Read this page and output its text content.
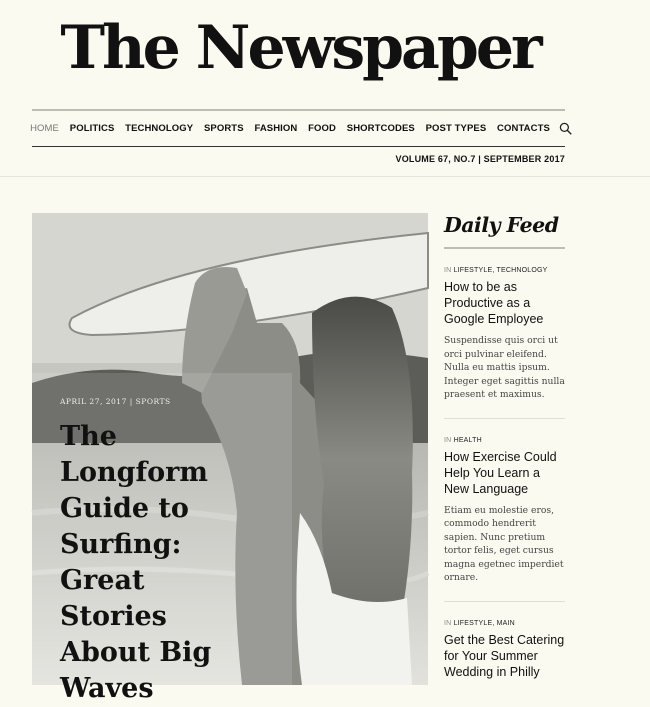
The Newspaper
HOME	POLITICS	TECHNOLOGY	SPORTS	FASHION	FOOD	SHORTCODES	POST TYPES	CONTACTS
VOLUME 67, NO.7 | SEPTEMBER 2017
APRIL 27, 2017 | SPORTS
The Longform Guide to Surfing: Great Stories About Big Waves
Daily Feed
IN LIFESTYLE, TECHNOLOGY
How to be as Productive as a Google Employee

Suspendisse quis orci ut orci pulvinar eleifend. Nulla eu mattis ipsum. Integer eget sagittis nulla praesent et maximus.

IN HEALTH
How Exercise Could Help You Learn a New Language

Etiam eu molestie eros, commodo hendrerit sapien. Nunc pretium tortor felis, eget cursus magna egetnec imperdiet ornare.

IN LIFESTYLE, MAIN
Get the Best Catering for Your Summer Wedding in Philly
